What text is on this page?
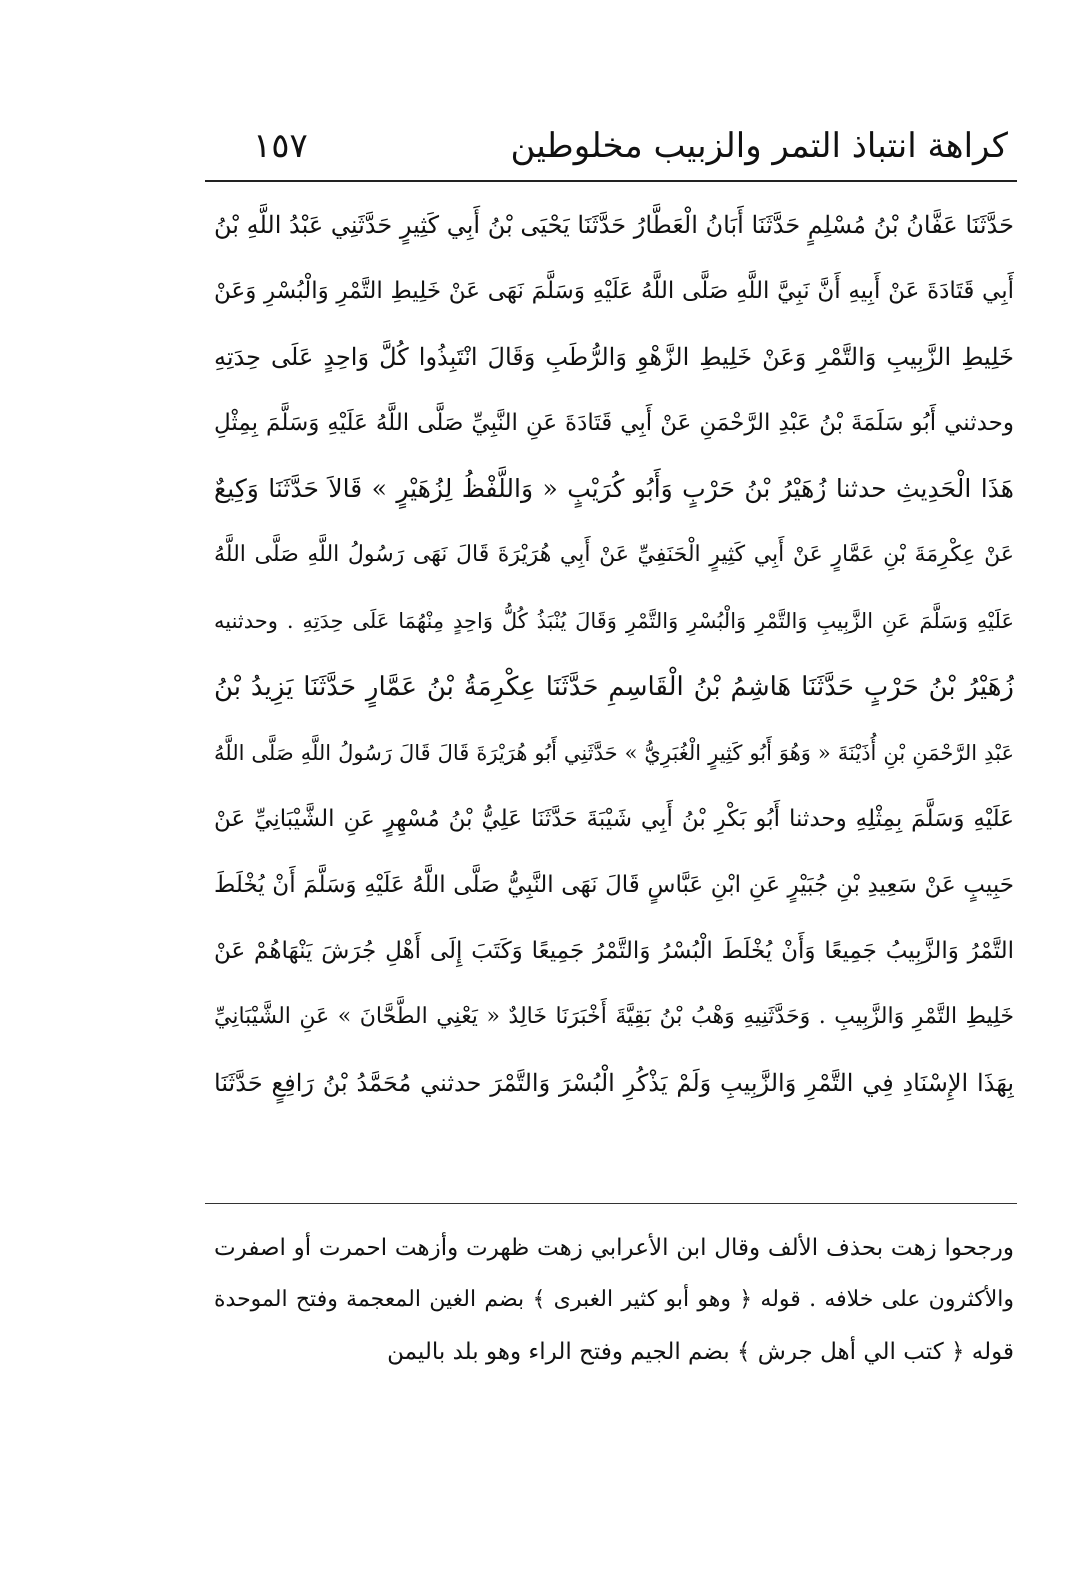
كراهة انتباذ التمر والزبيب مخلوطين
١٥٧
حَدَّثَنَا عَفَّانُ بْنُ مُسْلِمٍ حَدَّثَنَا أَبَانُ الْعَطَّارُ حَدَّثَنَا يَحْيَى بْنُ أَبِي كَثِيرٍ حَدَّثَنِي عَبْدُ اللَّهِ بْنُ
أَبِي قَتَادَةَ عَنْ أَبِيهِ أَنَّ نَبِيَّ اللَّهِ صَلَّى اللَّهُ عَلَيْهِ وَسَلَّمَ نَهَى عَنْ خَلِيطِ التَّمْرِ وَالْبُسْرِ وَعَنْ
خَلِيطِ الزَّبِيبِ وَالتَّمْرِ وَعَنْ خَلِيطِ الزَّهْوِ وَالرُّطَبِ وَقَالَ انْتَبِذُوا كُلَّ وَاحِدٍ عَلَى حِدَتِهِ
وحدثني أَبُو سَلَمَةَ بْنُ عَبْدِ الرَّحْمَنِ عَنْ أَبِي قَتَادَةَ عَنِ النَّبِيِّ صَلَّى اللَّهُ عَلَيْهِ وَسَلَّمَ بِمِثْلِ
هَذَا الْحَدِيثِ حدثنا زُهَيْرُ بْنُ حَرْبٍ وَأَبُو كُرَيْبٍ « وَاللَّفْظُ لِزُهَيْرٍ » قَالاَ حَدَّثَنَا وَكِيعٌ
عَنْ عِكْرِمَةَ بْنِ عَمَّارٍ عَنْ أَبِي كَثِيرٍ الْحَنَفِيِّ عَنْ أَبِي هُرَيْرَةَ قَالَ نَهَى رَسُولُ اللَّهِ صَلَّى اللَّهُ
عَلَيْهِ وَسَلَّمَ عَنِ الزَّبِيبِ وَالتَّمْرِ وَالْبُسْرِ وَالتَّمْرِ وَقَالَ يُنْبَذُ كُلُّ وَاحِدٍ مِنْهُمَا عَلَى حِدَتِهِ . وحدثنيه
زُهَيْرُ بْنُ حَرْبٍ حَدَّثَنَا هَاشِمُ بْنُ الْقَاسِمِ حَدَّثَنَا عِكْرِمَةُ بْنُ عَمَّارٍ حَدَّثَنَا يَزِيدُ بْنُ
عَبْدِ الرَّحْمَنِ بْنِ أُذَيْنَةَ « وَهُوَ أَبُو كَثِيرٍ الْغُبَرِيُّ » حَدَّثَنِي أَبُو هُرَيْرَةَ قَالَ قَالَ رَسُولُ اللَّهِ صَلَّى اللَّهُ
عَلَيْهِ وَسَلَّمَ بِمِثْلِهِ وحدثنا أَبُو بَكْرِ بْنُ أَبِي شَيْبَةَ حَدَّثَنَا عَلِيُّ بْنُ مُسْهِرٍ عَنِ الشَّيْبَانِيِّ عَنْ
حَبِيبٍ عَنْ سَعِيدِ بْنِ جُبَيْرٍ عَنِ ابْنِ عَبَّاسٍ قَالَ نَهَى النَّبِيُّ صَلَّى اللَّهُ عَلَيْهِ وَسَلَّمَ أَنْ يُخْلَطَ
التَّمْرُ وَالزَّبِيبُ جَمِيعًا وَأَنْ يُخْلَطَ الْبُسْرُ وَالتَّمْرُ جَمِيعًا وَكَتَبَ إِلَى أَهْلِ جُرَشَ يَنْهَاهُمْ عَنْ
خَلِيطِ التَّمْرِ وَالزَّبِيبِ . وَحَدَّثَنِيهِ وَهْبُ بْنُ بَقِيَّةَ أَخْبَرَنَا خَالِدٌ « يَعْنِي الطَّحَّانَ » عَنِ الشَّيْبَانِيِّ
بِهَذَا الإِسْنَادِ فِي التَّمْرِ وَالزَّبِيبِ وَلَمْ يَذْكُرِ الْبُسْرَ وَالتَّمْرَ حدثني مُحَمَّدُ بْنُ رَافِعٍ حَدَّثَنَا
ورجحوا زهت بحذف الألف وقال ابن الأعرابي زهت ظهرت وأزهت احمرت أو اصفرت
والأكثرون على خلافه . قوله ﴿ وهو أبو كثير الغبرى ﴾ بضم الغين المعجمة وفتح الموحدة
قوله ﴿ كتب الي أهل جرش ﴾ بضم الجيم وفتح الراء وهو بلد باليمن
